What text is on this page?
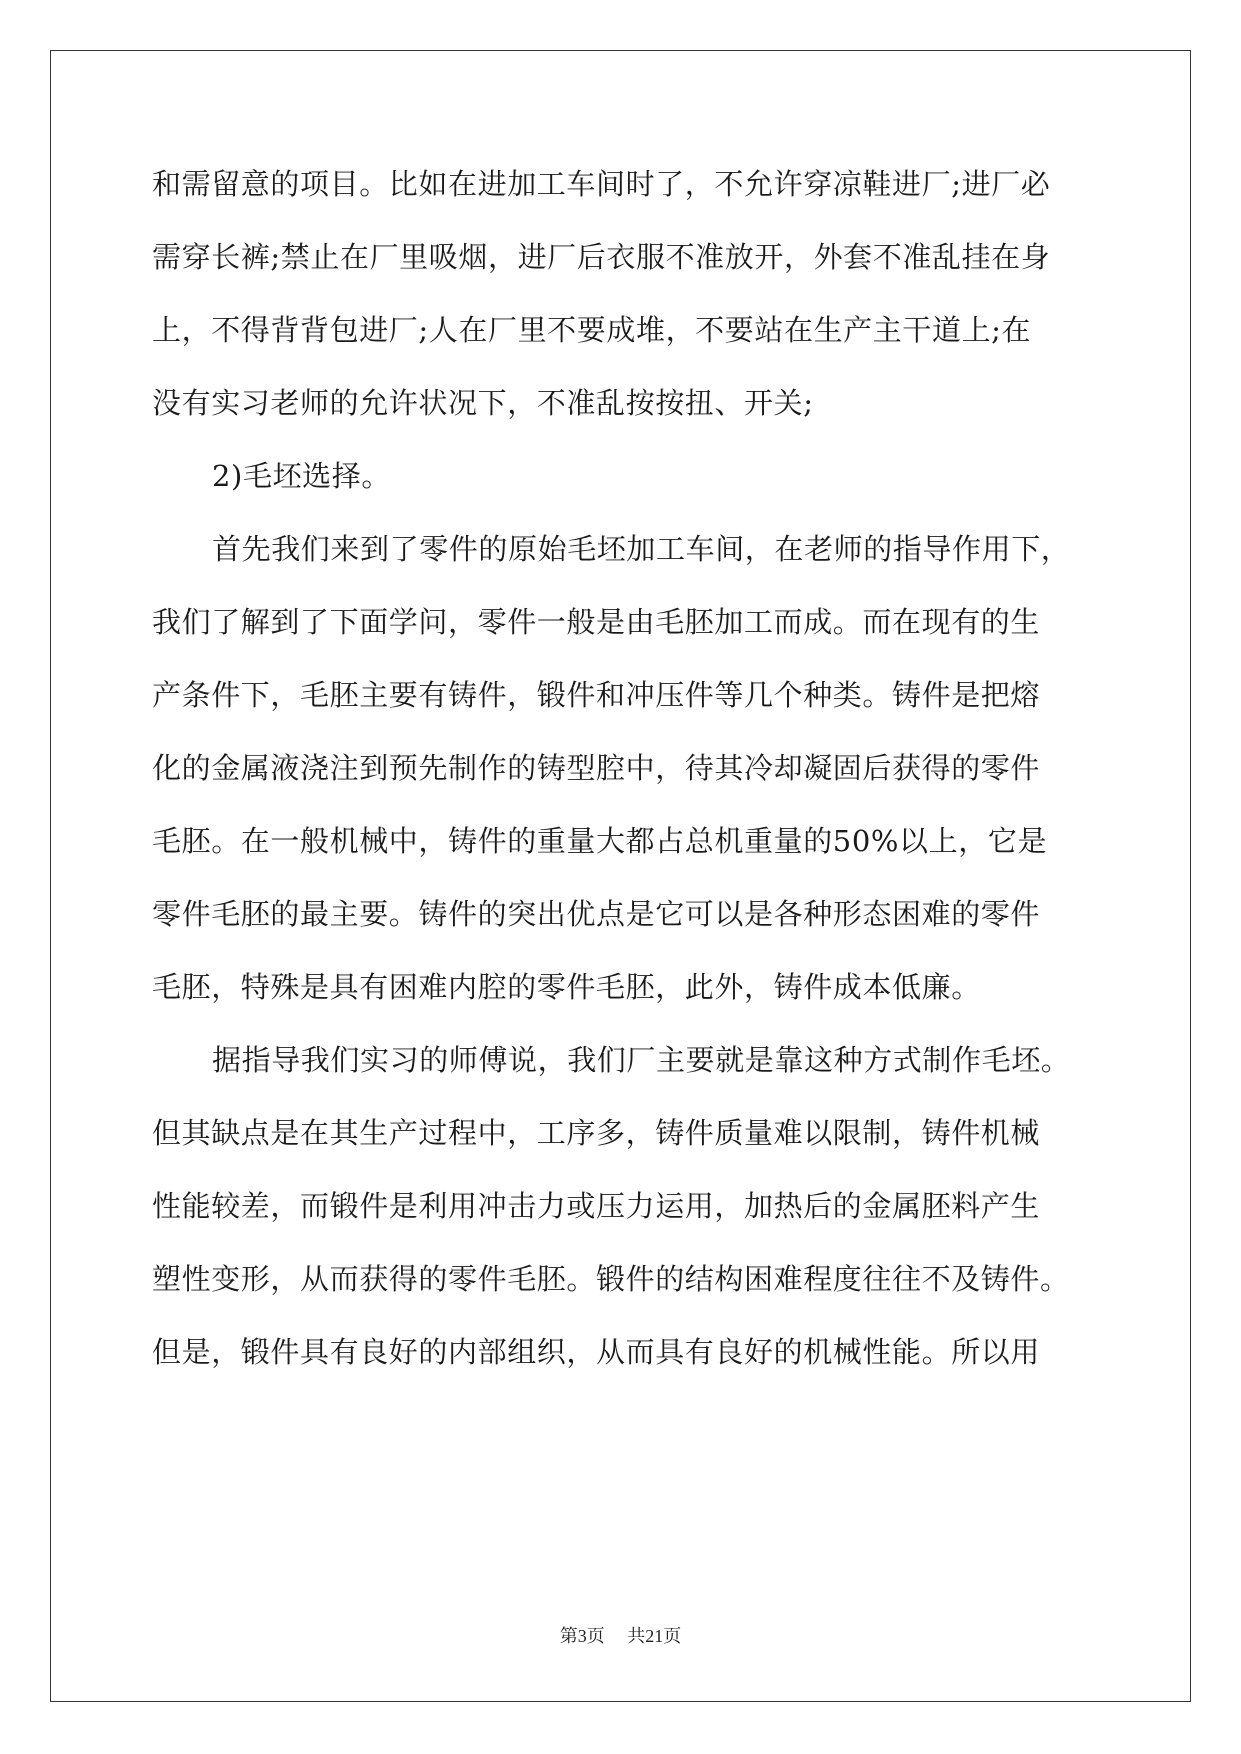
和需留意的项目。比如在进加工车间时了，不允许穿凉鞋进厂;进厂必
需穿长裤;禁止在厂里吸烟，进厂后衣服不准放开，外套不准乱挂在身
上，不得背背包进厂;人在厂里不要成堆，不要站在生产主干道上;在
没有实习老师的允许状况下，不准乱按按扭、开关;
2)毛坯选择。
首先我们来到了零件的原始毛坯加工车间，在老师的指导作用下，
我们了解到了下面学问，零件一般是由毛胚加工而成。而在现有的生
产条件下，毛胚主要有铸件，锻件和冲压件等几个种类。铸件是把熔
化的金属液浇注到预先制作的铸型腔中，待其冷却凝固后获得的零件
毛胚。在一般机械中，铸件的重量大都占总机重量的50%以上，它是
零件毛胚的最主要。铸件的突出优点是它可以是各种形态困难的零件
毛胚，特殊是具有困难内腔的零件毛胚，此外，铸件成本低廉。
据指导我们实习的师傅说，我们厂主要就是靠这种方式制作毛坯。
但其缺点是在其生产过程中，工序多，铸件质量难以限制，铸件机械
性能较差，而锻件是利用冲击力或压力运用，加热后的金属胚料产生
塑性变形，从而获得的零件毛胚。锻件的结构困难程度往往不及铸件。
但是，锻件具有良好的内部组织，从而具有良好的机械性能。所以用
第3页 共21页
